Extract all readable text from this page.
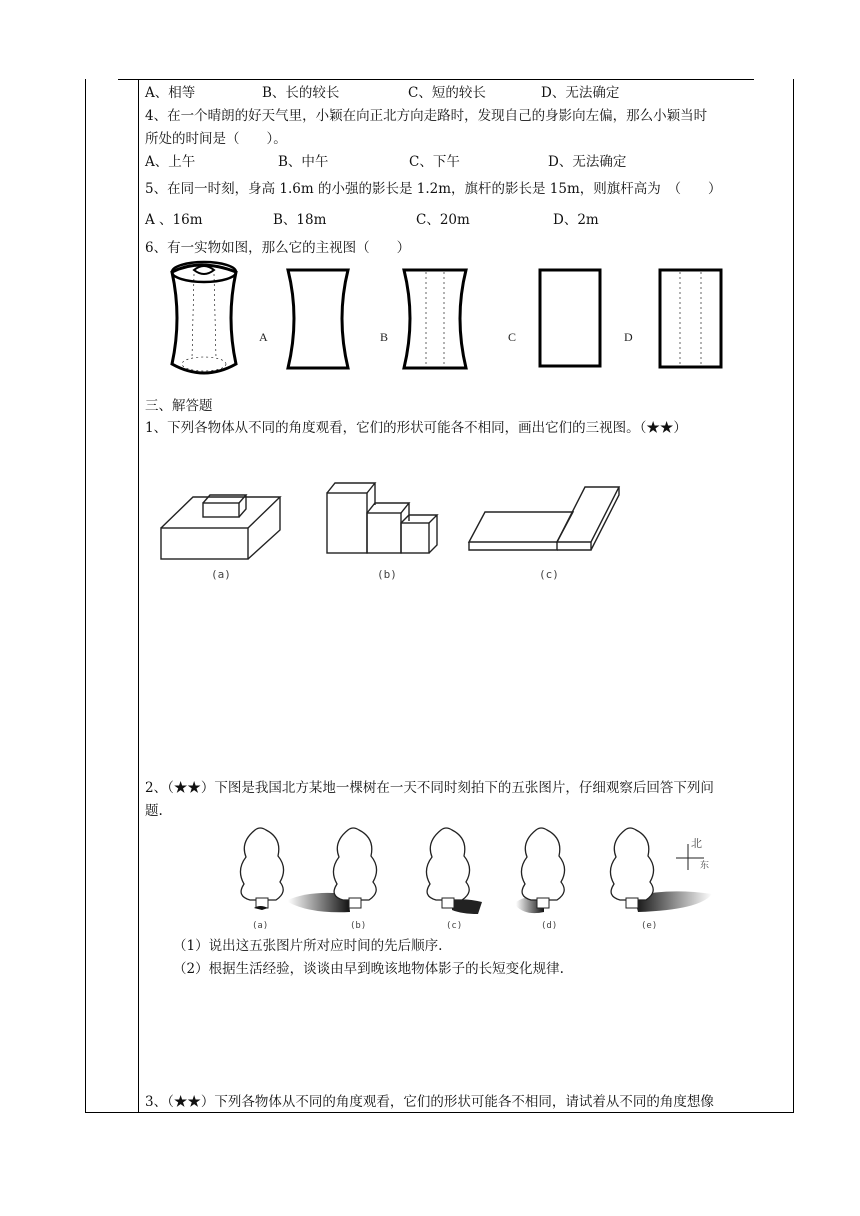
A、相等	B、长的较长	C、短的较长	D、无法确定
4、在一个晴朗的好天气里，小颖在向正北方向走路时，发现自己的身影向左偏，那么小颖当时
所处的时间是（　　）。
A、上午	B、中午	C、下午	D、无法确定
5、在同一时刻，身高 1.6m 的小强的影长是 1.2m，旗杆的影长是 15m，则旗杆高为　（　　）
A 、16m	B、18m	C、20m	D、2m
6、有一实物如图，那么它的主视图（　　）
A	B	C	D
三、解答题
1、下列各物体从不同的角度观看，它们的形状可能各不相同，画出它们的三视图。（★★）
(a)	(b)	(c)
2、（★★）下图是我国北方某地一棵树在一天不同时刻拍下的五张图片，仔细观察后回答下列问
题.
北
东
(a)	(b)	(c)	(d)	(e)
（1）说出这五张图片所对应时间的先后顺序.
（2）根据生活经验，谈谈由早到晚该地物体影子的长短变化规律.
3、（★★）下列各物体从不同的角度观看，它们的形状可能各不相同，请试着从不同的角度想像
